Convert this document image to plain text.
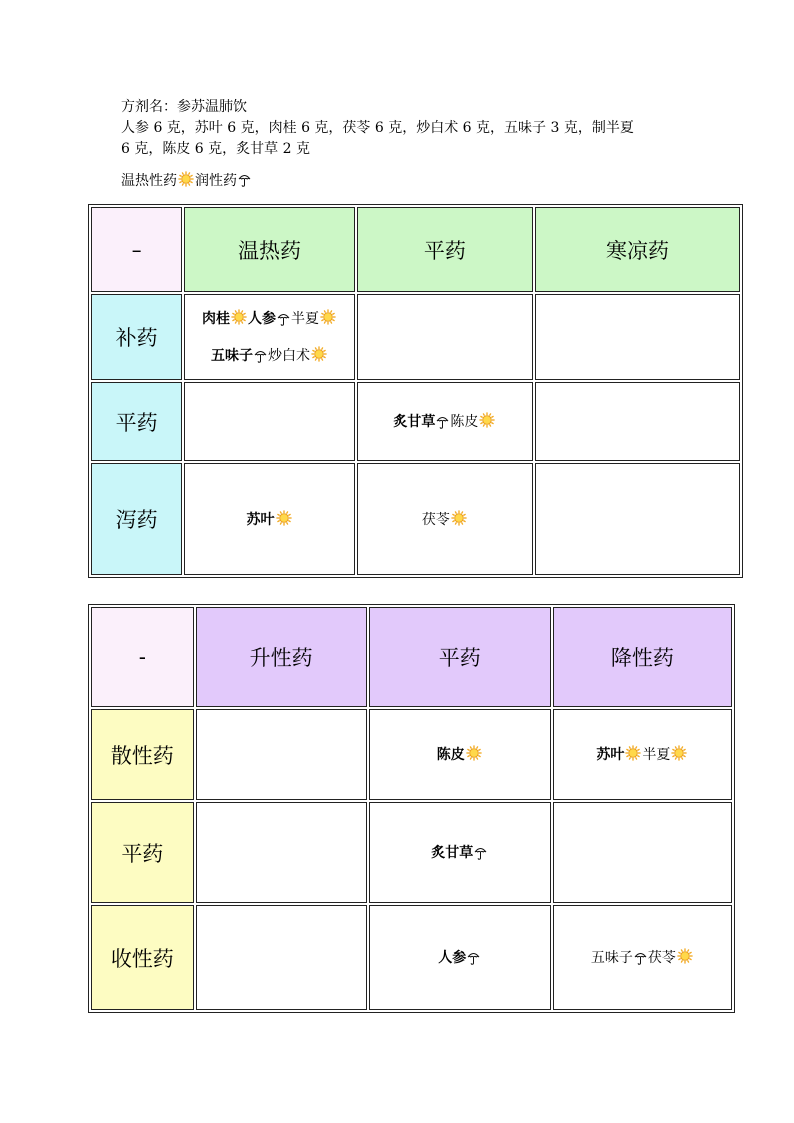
方剂名：参苏温肺饮
人参 6 克，苏叶 6 克，肉桂 6 克，茯苓 6 克，炒白术 6 克，五味子 3 克，制半夏
6 克，陈皮 6 克，炙甘草 2 克
温热性药 润性药
–	温热药	平药	寒凉药
补药	肉桂 人参 半夏
五味子 炒白术		

平药		炙甘草 陈皮	

泻药	苏叶	茯苓	

-	升性药	平药	降性药
散性药		陈皮	苏叶 半夏

平药		炙甘草	

收性药		人参	五味子 茯苓
